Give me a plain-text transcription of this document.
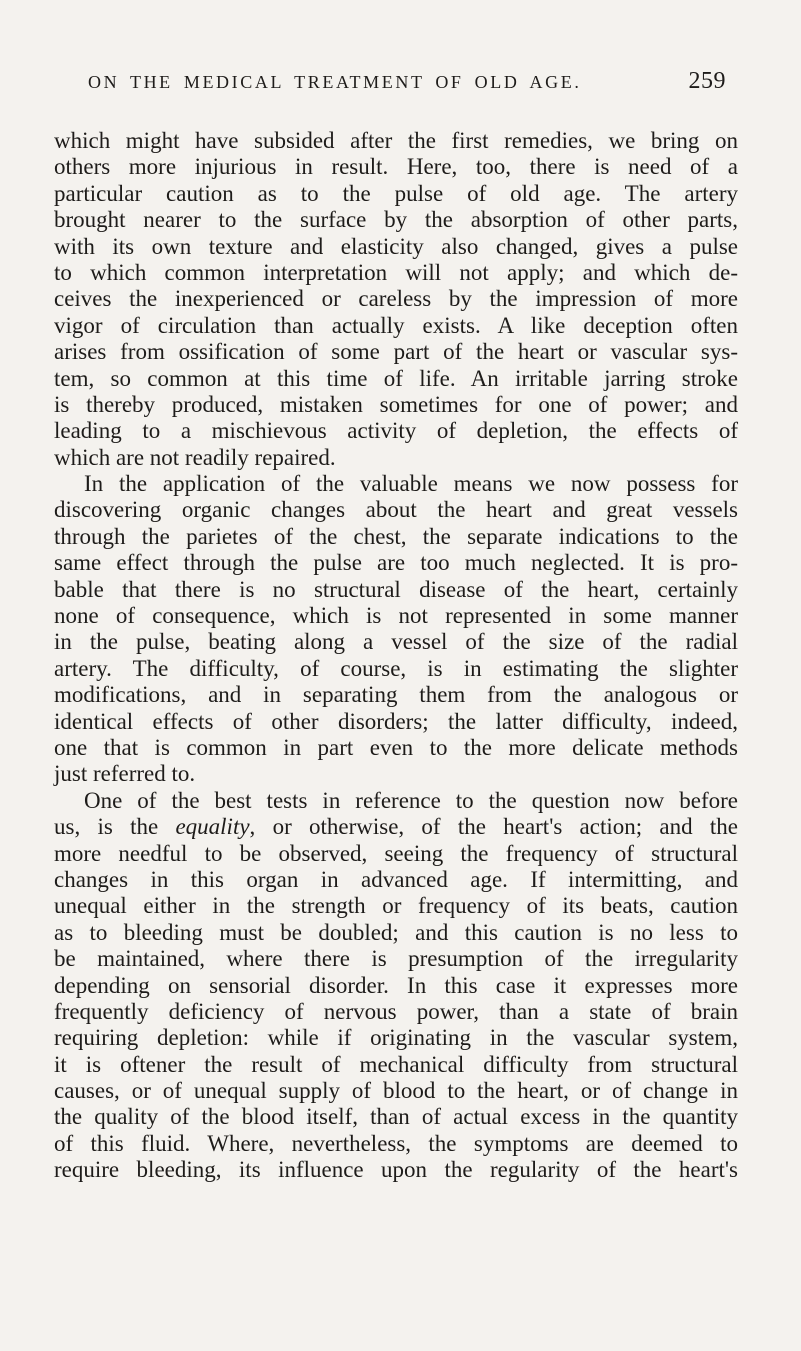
ON THE MEDICAL TREATMENT OF OLD AGE.	259
which might have subsided after the first remedies, we bring on
others more injurious in result. Here, too, there is need of a
particular caution as to the pulse of old age. The artery
brought nearer to the surface by the absorption of other parts,
with its own texture and elasticity also changed, gives a pulse
to which common interpretation will not apply; and which de-
ceives the inexperienced or careless by the impression of more
vigor of circulation than actually exists. A like deception often
arises from ossification of some part of the heart or vascular sys-
tem, so common at this time of life. An irritable jarring stroke
is thereby produced, mistaken sometimes for one of power; and
leading to a mischievous activity of depletion, the effects of
which are not readily repaired.
In the application of the valuable means we now possess for
discovering organic changes about the heart and great vessels
through the parietes of the chest, the separate indications to the
same effect through the pulse are too much neglected. It is pro-
bable that there is no structural disease of the heart, certainly
none of consequence, which is not represented in some manner
in the pulse, beating along a vessel of the size of the radial
artery. The difficulty, of course, is in estimating the slighter
modifications, and in separating them from the analogous or
identical effects of other disorders; the latter difficulty, indeed,
one that is common in part even to the more delicate methods
just referred to.
One of the best tests in reference to the question now before
us, is the equality, or otherwise, of the heart's action; and the
more needful to be observed, seeing the frequency of structural
changes in this organ in advanced age. If intermitting, and
unequal either in the strength or frequency of its beats, caution
as to bleeding must be doubled; and this caution is no less to
be maintained, where there is presumption of the irregularity
depending on sensorial disorder. In this case it expresses more
frequently deficiency of nervous power, than a state of brain
requiring depletion: while if originating in the vascular system,
it is oftener the result of mechanical difficulty from structural
causes, or of unequal supply of blood to the heart, or of change in
the quality of the blood itself, than of actual excess in the quantity
of this fluid. Where, nevertheless, the symptoms are deemed to
require bleeding, its influence upon the regularity of the heart's
